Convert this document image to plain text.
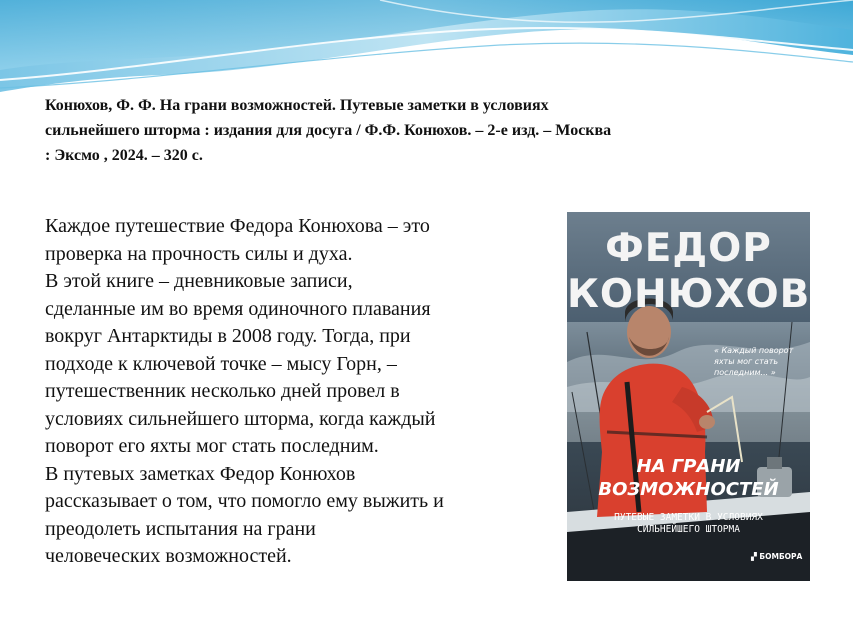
Конюхов, Ф. Ф. На грани возможностей. Путевые заметки в условиях
сильнейшего шторма : издания для досуга / Ф.Ф. Конюхов. – 2-е изд. – Москва
: Эксмо , 2024. – 320 с.

Каждое путешествие Федора Конюхова – это

проверка на прочность силы и духа.

В этой книге – дневниковые записи,

сделанные им во время одиночного плавания

вокруг Антарктиды в 2008 году. Тогда, при

подходе к ключевой точке – мысу Горн, –

путешественник несколько дней провел в

условиях сильнейшего шторма, когда каждый

поворот его яхты мог стать последним.

В путевых заметках Федор Конюхов

рассказывает о том, что помогло ему выжить и

преодолеть испытания на грани

человеческих возможностей.

ФЕДОР
КОНЮХОВ
« Каждый поворот
яхты мог стать
последним... »
НА ГРАНИ
ВОЗМОЖНОСТЕЙ
ПУТЕВЫЕ ЗАМЕТКИ В УСЛОВИЯХ
СИЛЬНЕЙШЕГО ШТОРМА
▞ БОМБОРА
